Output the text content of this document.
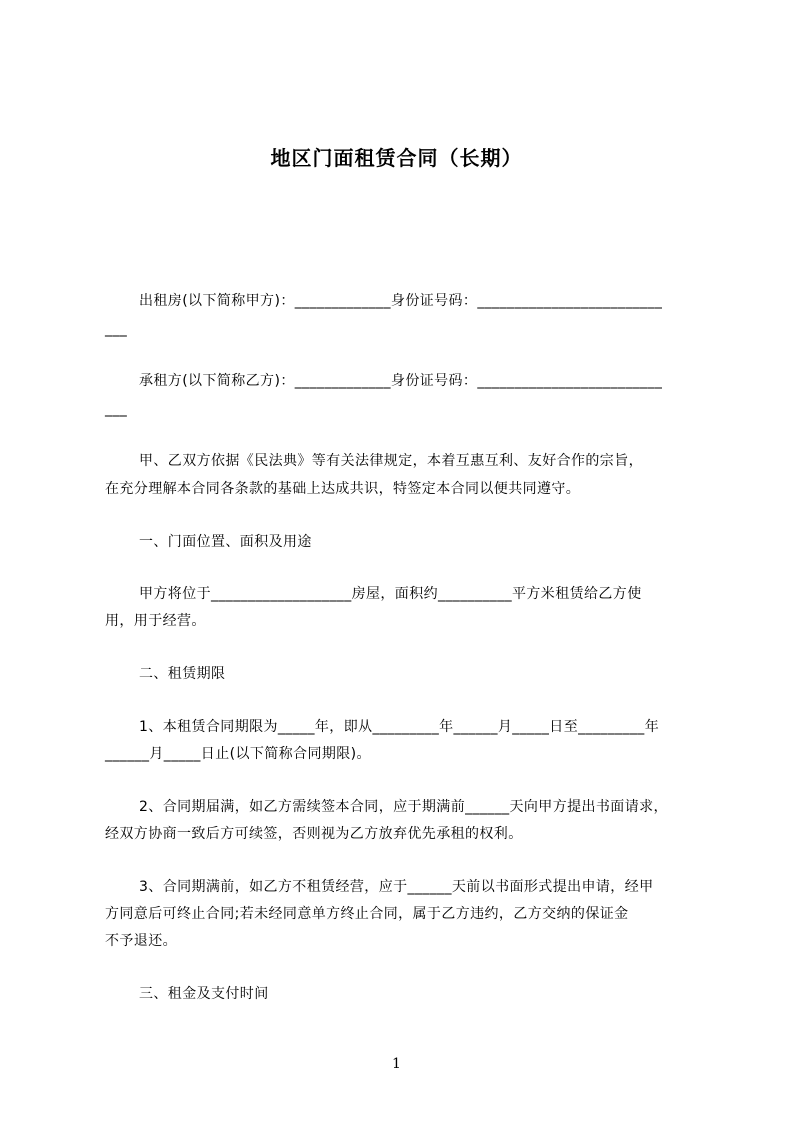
地区门面租赁合同（长期）
出租房(以下简称甲方)：_____________身份证号码：_________________________
___
承租方(以下简称乙方)：_____________身份证号码：_________________________
___
甲、乙双方依据《民法典》等有关法律规定，本着互惠互利、友好合作的宗旨，
在充分理解本合同各条款的基础上达成共识，特签定本合同以便共同遵守。
一、门面位置、面积及用途
甲方将位于___________________房屋，面积约__________平方米租赁给乙方使
用，用于经营。
二、租赁期限
1、本租赁合同期限为_____年，即从_________年______月_____日至_________年
______月_____日止(以下简称合同期限)。
2、合同期届满，如乙方需续签本合同，应于期满前______天向甲方提出书面请求，
经双方协商一致后方可续签，否则视为乙方放弃优先承租的权利。
3、合同期满前，如乙方不租赁经营，应于______天前以书面形式提出申请，经甲
方同意后可终止合同;若未经同意单方终止合同，属于乙方违约，乙方交纳的保证金
不予退还。
三、租金及支付时间
1
